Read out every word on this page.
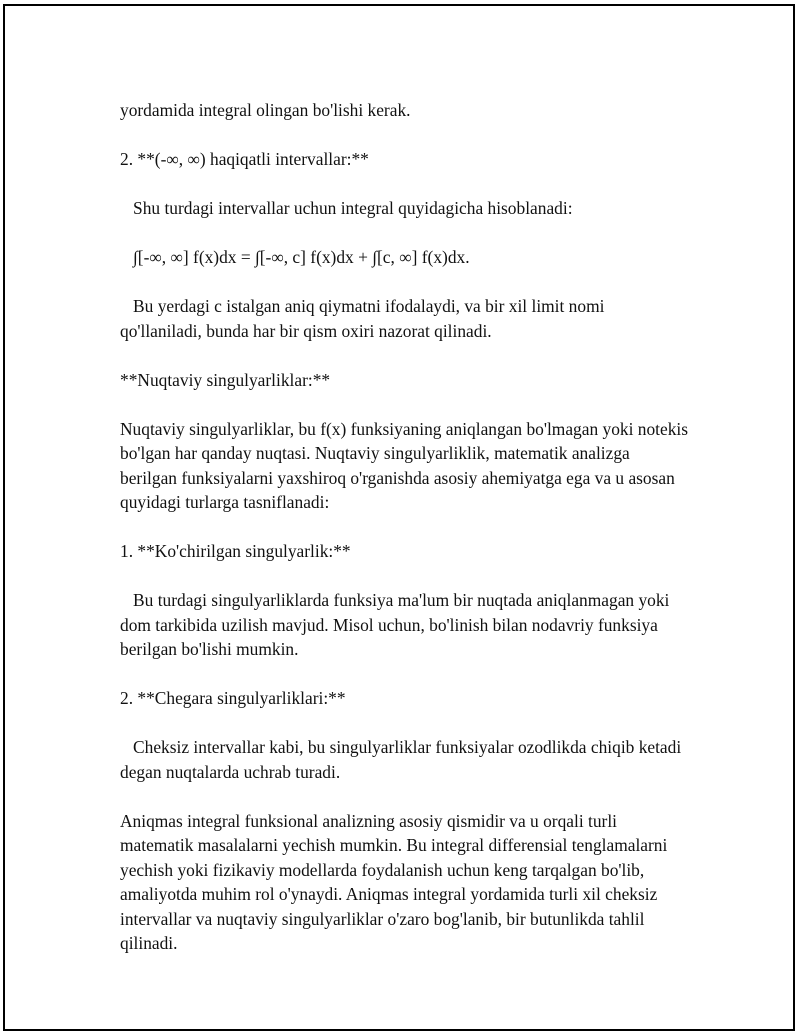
yordamida integral olingan bo'lishi kerak.

2. **(-∞, ∞) haqiqatli intervallar:**

Shu turdagi intervallar uchun integral quyidagicha hisoblanadi:

∫[-∞, ∞] f(x)dx = ∫[-∞, c] f(x)dx + ∫[c, ∞] f(x)dx.

Bu yerdagi c istalgan aniq qiymatni ifodalaydi, va bir xil limit nomi qo'llaniladi, bunda har bir qism oxiri nazorat qilinadi.

**Nuqtaviy singulyarliklar:**

Nuqtaviy singulyarliklar, bu f(x) funksiyaning aniqlangan bo'lmagan yoki notekis bo'lgan har qanday nuqtasi. Nuqtaviy singulyarliklik, matematik analizga berilgan funksiyalarni yaxshiroq o'rganishda asosiy ahemiyatga ega va u asosan quyidagi turlarga tasniflanadi:

1. **Ko'chirilgan singulyarlik:**

Bu turdagi singulyarliklarda funksiya ma'lum bir nuqtada aniqlanmagan yoki dom tarkibida uzilish mavjud. Misol uchun, bo'linish bilan nodavriy funksiya berilgan bo'lishi mumkin.

2. **Chegara singulyarliklari:**

Cheksiz intervallar kabi, bu singulyarliklar funksiyalar ozodlikda chiqib ketadi degan nuqtalarda uchrab turadi.

Aniqmas integral funksional analizning asosiy qismidir va u orqali turli matematik masalalarni yechish mumkin. Bu integral differensial tenglamalarni yechish yoki fizikaviy modellarda foydalanish uchun keng tarqalgan bo'lib, amaliyotda muhim rol o'ynaydi. Aniqmas integral yordamida turli xil cheksiz intervallar va nuqtaviy singulyarliklar o'zaro bog'lanib, bir butunlikda tahlil qilinadi.
